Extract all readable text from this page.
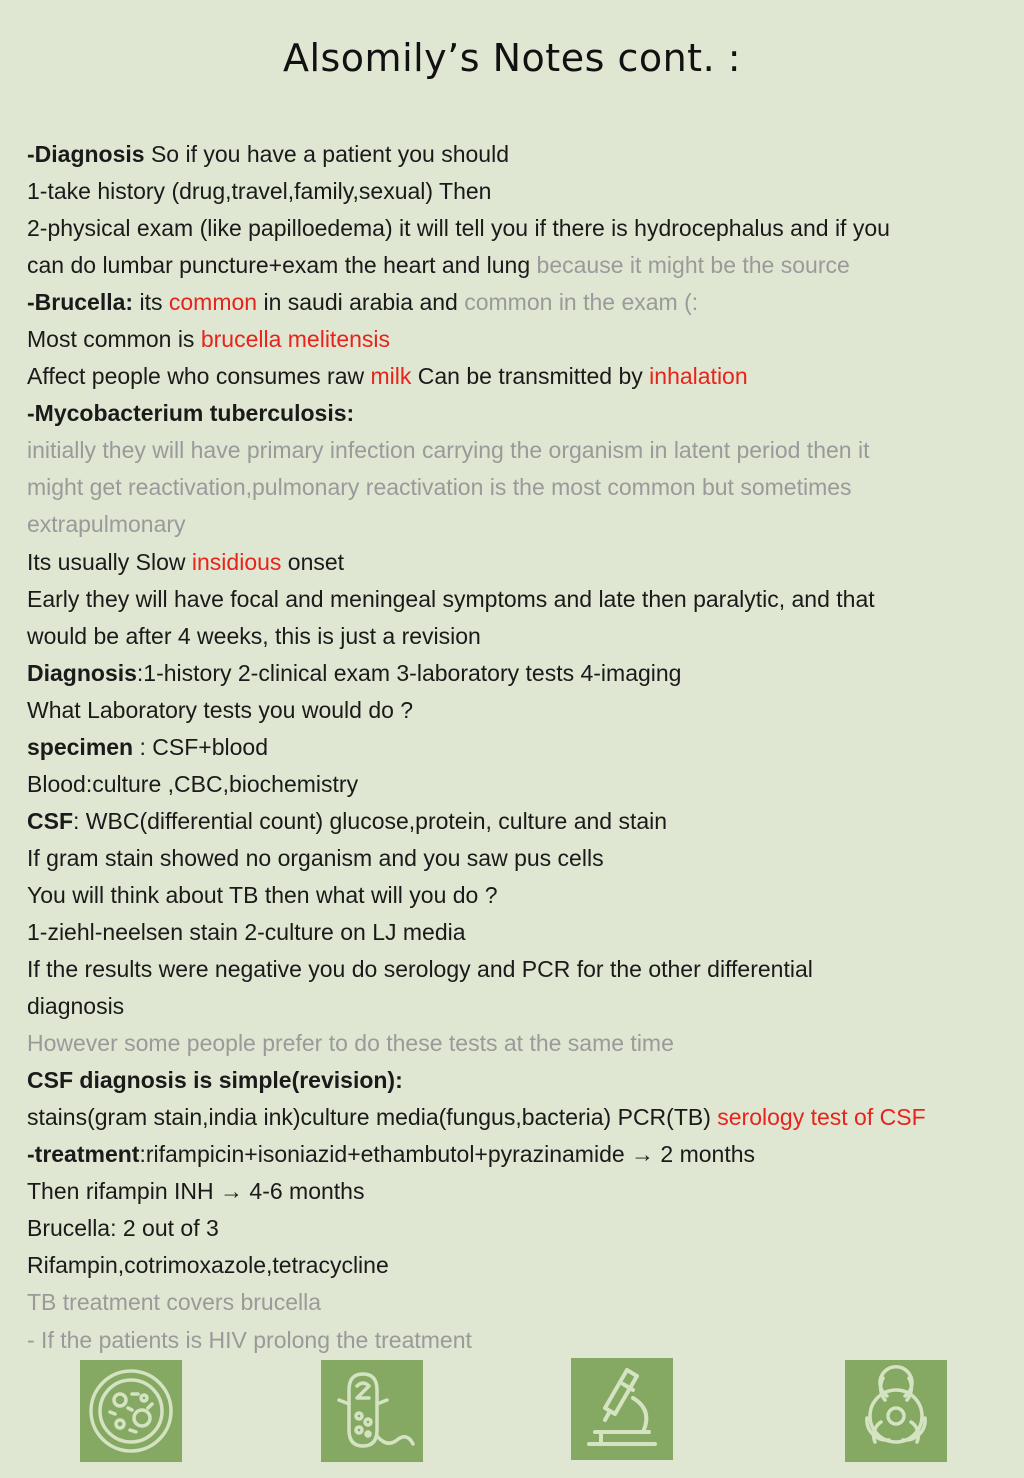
Alsomily’s Notes cont. :
-Diagnosis So if you have a patient you should
1-take history (drug,travel,family,sexual) Then
2-physical exam (like papilloedema) it will tell you if there is hydrocephalus and if you
can do lumbar puncture+exam the heart and lung because it might be the source
-Brucella: its common in saudi arabia and common in the exam (:
Most common is brucella melitensis
Affect people who consumes raw milk Can be transmitted by inhalation
-Mycobacterium tuberculosis:
initially they will have primary infection carrying the organism in latent period then it
might get reactivation,pulmonary reactivation is the most common but sometimes
extrapulmonary
Its usually Slow insidious onset
Early they will have focal and meningeal symptoms and late then paralytic, and that
would be after 4 weeks, this is just a revision
Diagnosis:1-history 2-clinical exam 3-laboratory tests 4-imaging
What Laboratory tests you would do ?
specimen : CSF+blood
Blood:culture ,CBC,biochemistry
CSF: WBC(differential count) glucose,protein, culture and stain
If gram stain showed no organism and you saw pus cells
You will think about TB then what will you do ?
1-ziehl-neelsen stain 2-culture on LJ media
If the results were negative you do serology and PCR for the other differential
diagnosis
However some people prefer to do these tests at the same time
CSF diagnosis is simple(revision):
stains(gram stain,india ink)culture media(fungus,bacteria) PCR(TB) serology test of CSF
-treatment:rifampicin+isoniazid+ethambutol+pyrazinamide → 2 months
Then rifampin INH → 4-6 months
Brucella: 2 out of 3
Rifampin,cotrimoxazole,tetracycline
TB treatment covers brucella
- If the patients is HIV prolong the treatment
